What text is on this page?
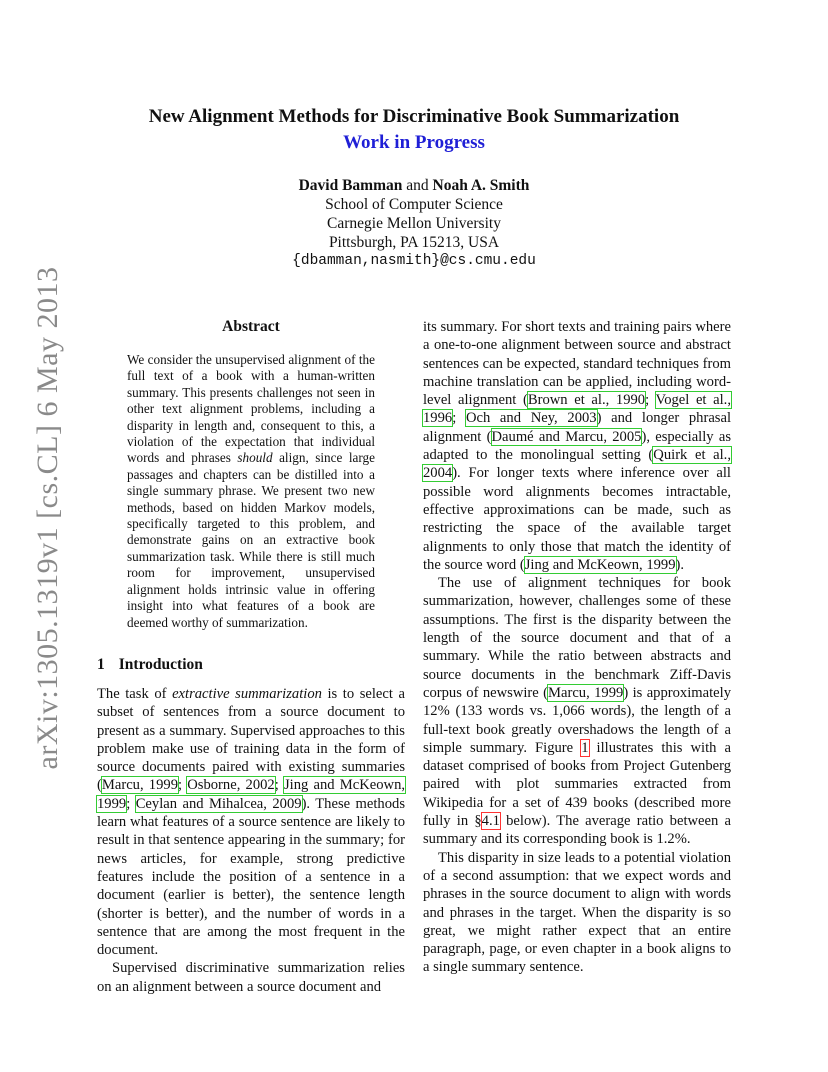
arXiv:1305.1319v1 [cs.CL] 6 May 2013
New Alignment Methods for Discriminative Book Summarization
Work in Progress
David Bamman and Noah A. Smith
School of Computer Science
Carnegie Mellon University
Pittsburgh, PA 15213, USA
{dbamman,nasmith}@cs.cmu.edu
Abstract
We consider the unsupervised alignment of the full text of a book with a human-written summary. This presents challenges not seen in other text alignment problems, including a disparity in length and, consequent to this, a violation of the expectation that individual words and phrases should align, since large passages and chapters can be distilled into a single summary phrase. We present two new methods, based on hidden Markov models, specifically targeted to this problem, and demonstrate gains on an extractive book summarization task. While there is still much room for improvement, unsupervised alignment holds intrinsic value in offering insight into what features of a book are deemed worthy of summarization.
1 Introduction

The task of extractive summarization is to select a subset of sentences from a source document to present as a summary. Supervised approaches to this problem make use of training data in the form of source documents paired with existing summaries (Marcu, 1999; Osborne, 2002; Jing and McKeown, 1999; Ceylan and Mihalcea, 2009). These methods learn what features of a source sentence are likely to result in that sentence appearing in the summary; for news articles, for example, strong predictive features include the position of a sentence in a document (earlier is better), the sentence length (shorter is better), and the number of words in a sentence that are among the most frequent in the document.

Supervised discriminative summarization relies on an alignment between a source document and

its summary. For short texts and training pairs where a one-to-one alignment between source and abstract sentences can be expected, standard techniques from machine translation can be applied, including word-level alignment (Brown et al., 1990; Vogel et al., 1996; Och and Ney, 2003) and longer phrasal alignment (Daumé and Marcu, 2005), especially as adapted to the monolingual setting (Quirk et al., 2004). For longer texts where inference over all possible word alignments becomes intractable, effective approximations can be made, such as restricting the space of the available target alignments to only those that match the identity of the source word (Jing and McKeown, 1999).

The use of alignment techniques for book summarization, however, challenges some of these assumptions. The first is the disparity between the length of the source document and that of a summary. While the ratio between abstracts and source documents in the benchmark Ziff-Davis corpus of newswire (Marcu, 1999) is approximately 12% (133 words vs. 1,066 words), the length of a full-text book greatly overshadows the length of a simple summary. Figure 1 illustrates this with a dataset comprised of books from Project Gutenberg paired with plot summaries extracted from Wikipedia for a set of 439 books (described more fully in §4.1 below). The average ratio between a summary and its corresponding book is 1.2%.

This disparity in size leads to a potential violation of a second assumption: that we expect words and phrases in the source document to align with words and phrases in the target. When the disparity is so great, we might rather expect that an entire paragraph, page, or even chapter in a book aligns to a single summary sentence.
